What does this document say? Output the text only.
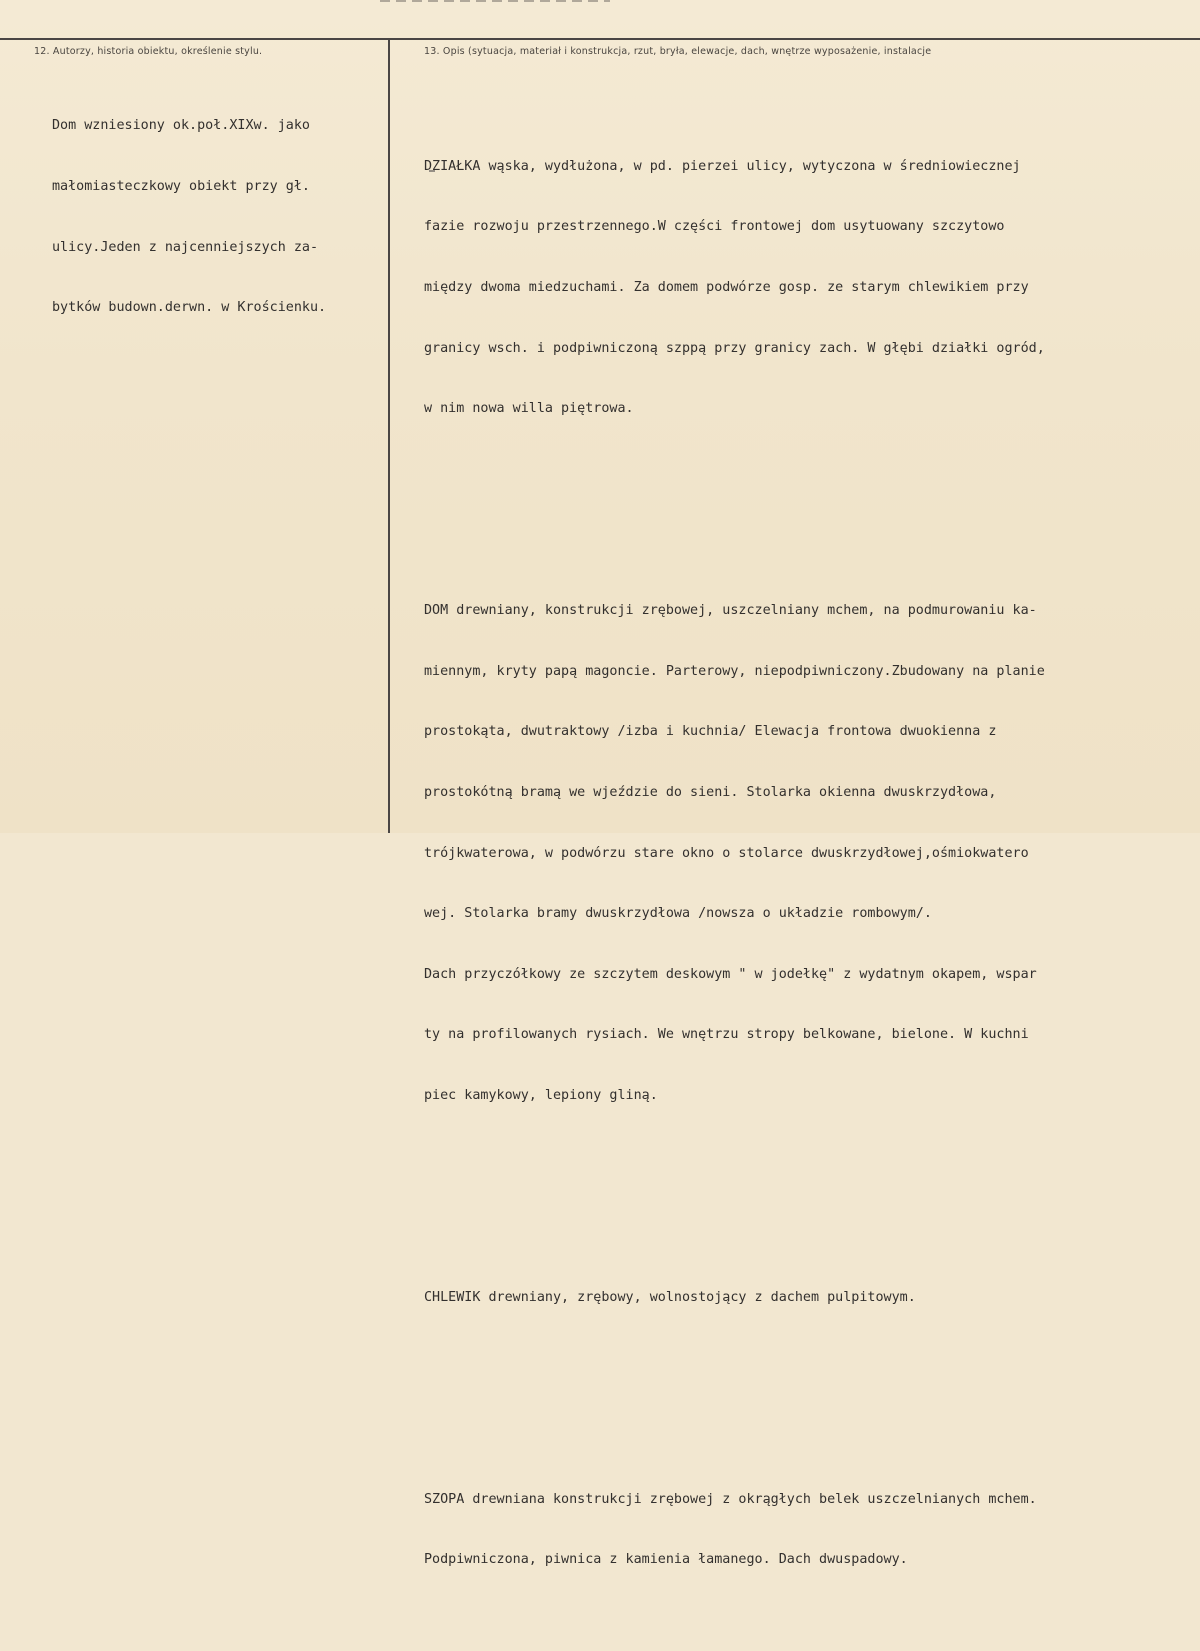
12. Autorzy, historia obiektu, określenie stylu.	13. Opis (sytuacja, materiał i konstrukcja, rzut, bryła, elewacje, dach, wnętrze wyposażenie, instalacje

Dom wzniesiony ok.poł.XIXw. jako

małomiasteczkowy obiekt przy gł.

ulicy.Jeden z najcenniejszych za-

bytków budown.derwn. w Krościenku.

DZIAŁKA wąska, wydłużona, w pd. pierzei ulicy, wytyczona w średniowiecznej

fazie rozwoju przestrzennego.W części frontowej dom usytuowany szczytowo

między dwoma miedzuchami. Za domem podwórze gosp. ze starym chlewikiem przy

granicy wsch. i podpiwniczoną szppą przy granicy zach. W głębi działki ogród,

w nim nowa willa piętrowa.

DOM drewniany, konstrukcji zrębowej, uszczelniany mchem, na podmurowaniu ka-

miennym, kryty papą magoncie. Parterowy, niepodpiwniczony.Zbudowany na planie

prostokąta, dwutraktowy /izba i kuchnia/ Elewacja frontowa dwuokienna z

prostokótną bramą we wjeździe do sieni. Stolarka okienna dwuskrzydłowa,

trójkwaterowa, w podwórzu stare okno o stolarce dwuskrzydłowej,ośmiokwatero

wej. Stolarka bramy dwuskrzydłowa /nowsza o układzie rombowym/.

Dach przyczółkowy ze szczytem deskowym " w jodełkę" z wydatnym okapem, wspar

ty na profilowanych rysiach. We wnętrzu stropy belkowane, bielone. W kuchni

piec kamykowy, lepiony gliną.

CHLEWIK drewniany, zrębowy, wolnostojący z dachem pulpitowym.

SZOPA drewniana konstrukcji zrębowej z okrągłych belek uszczelnianych mchem.

Podpiwniczona, piwnica z kamienia łamanego. Dach dwuspadowy.
